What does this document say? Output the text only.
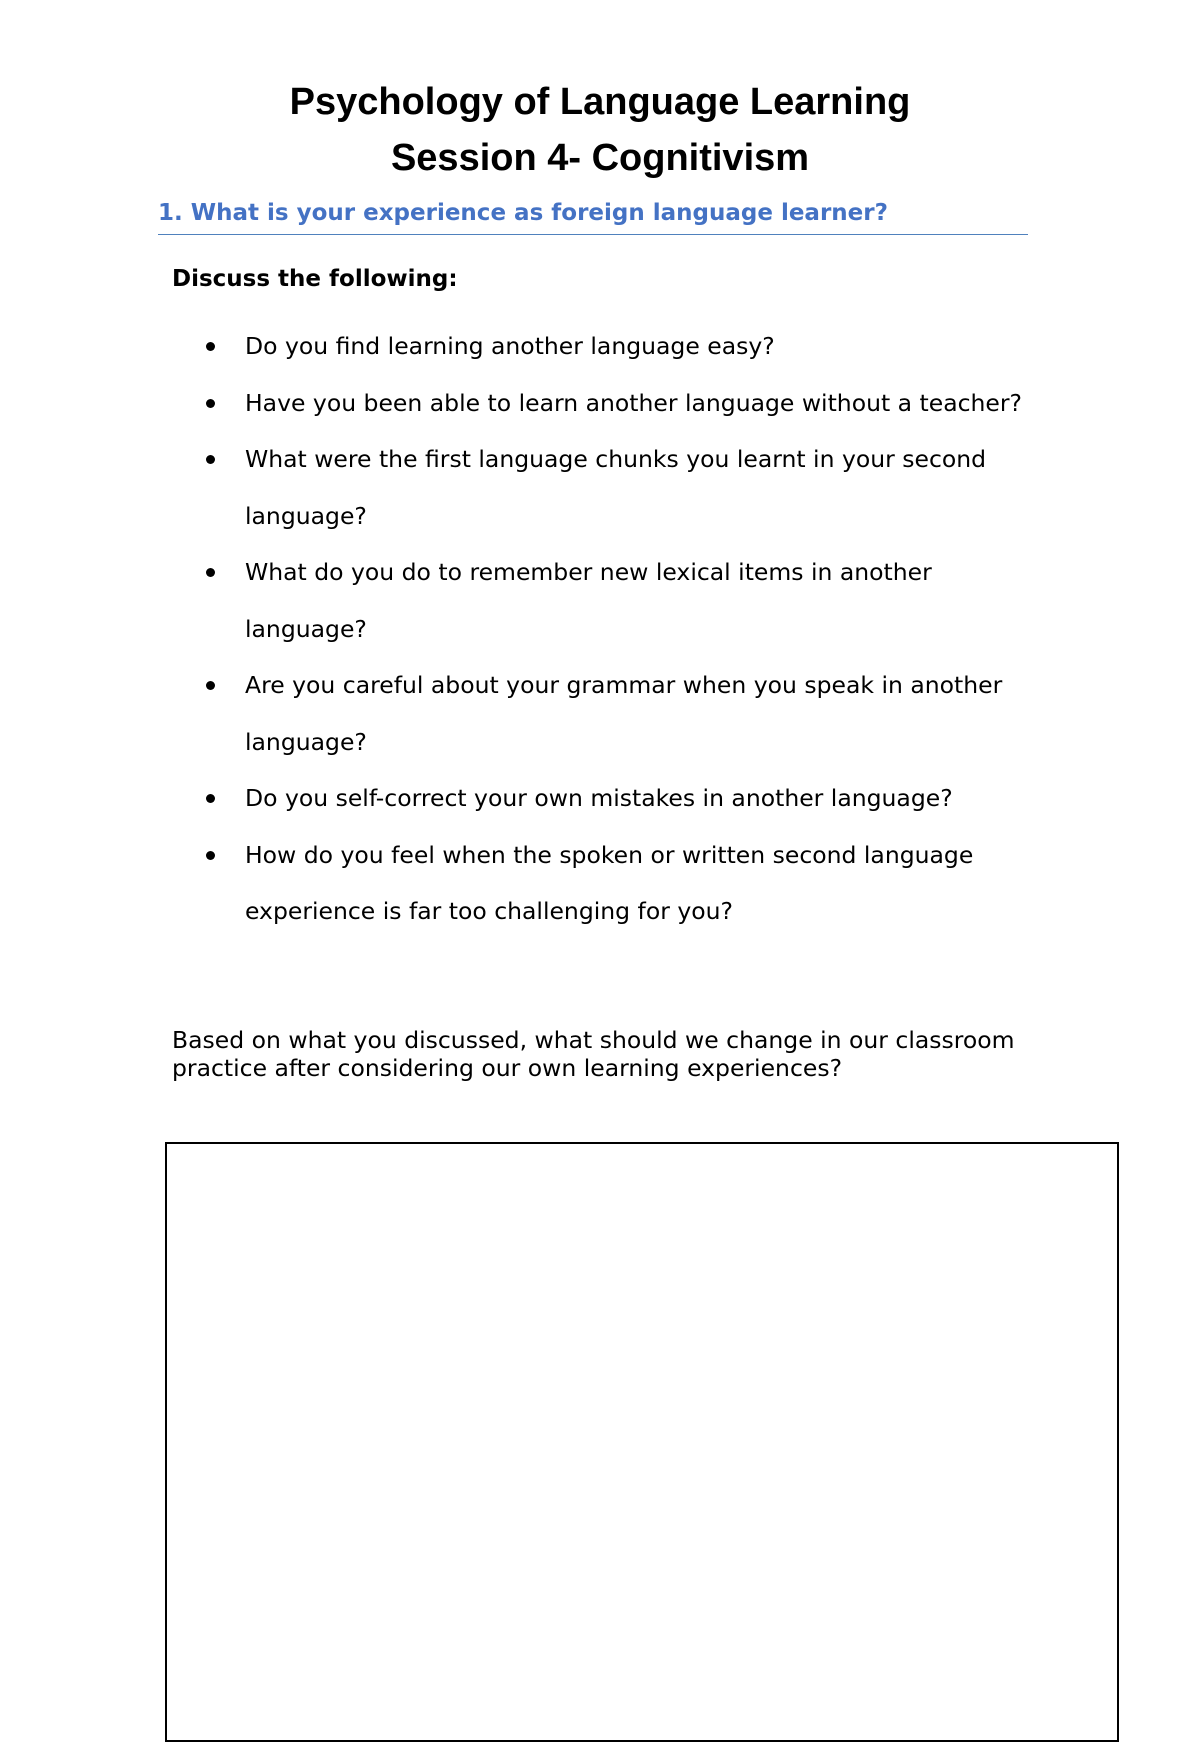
Psychology of Language Learning
Session 4- Cognitivism
1. What is your experience as foreign language learner?
Discuss the following:
Do you find learning another language easy?
Have you been able to learn another language without a teacher?
What were the first language chunks you learnt in your second language?
What do you do to remember new lexical items in another language?
Are you careful about your grammar when you speak in another language?
Do you self-correct your own mistakes in another language?
How do you feel when the spoken or written second language experience is far too challenging for you?
Based on what you discussed, what should we change in our classroom practice after considering our own learning experiences?
